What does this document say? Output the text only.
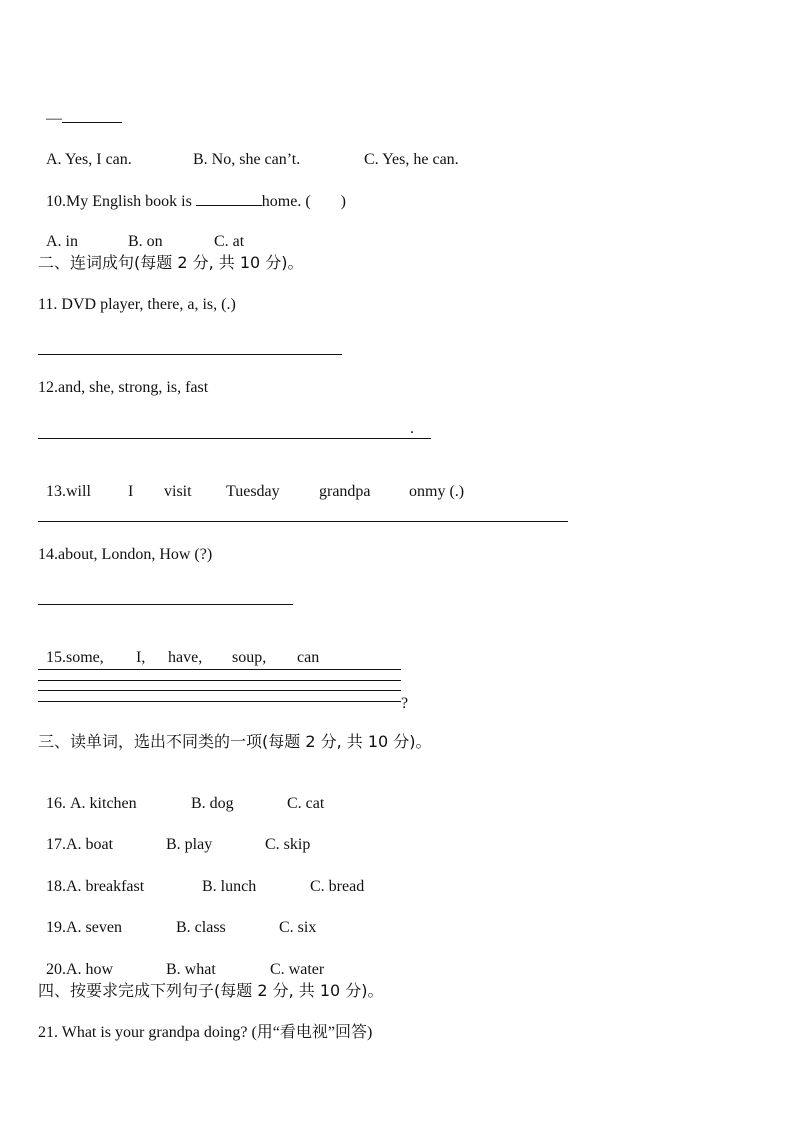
—

A. Yes, I can.	B. No, she can’t.	C. Yes, he can.

10.My English book is	home. ( )

A. in	B. on	C. at

二、连词成句(每题 2 分, 共 10 分)。
11. DVD player, there, a, is, (.)
12.and, she, strong, is, fast
.

13.will I visit Tuesday grandpa onmy (.)

14.about, London, How (?)

15.some, I, have, soup, can

?
三、读单词，选出不同类的一项(每题 2 分, 共 10 分)。

16. A. kitchen	B. dog	C. cat

17.A. boat	B. play	C. skip

18.A. breakfast	B. lunch	C. bread

19.A. seven	B. class	C. six

20.A. how	B. what	C. water

四、按要求完成下列句子(每题 2 分, 共 10 分)。
21. What is your grandpa doing? (用“看电视”回答)
